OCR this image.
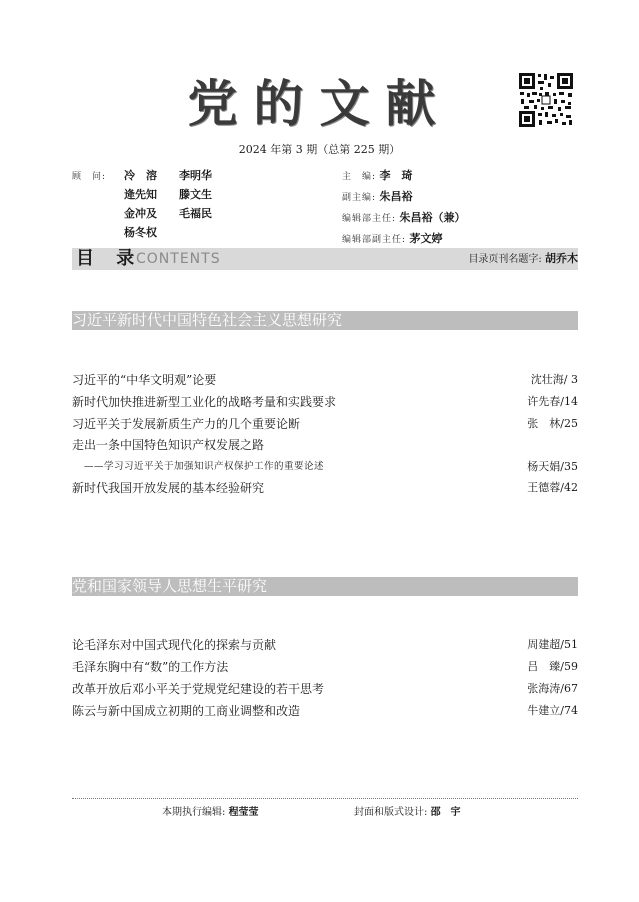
党的文献
2024 年第 3 期（总第 225 期）
顾　问: 冷　溶	李明华
逄先知	滕文生
金冲及	毛福民
杨冬权
主　编: 李　琦
副主编: 朱昌裕
编辑部主任: 朱昌裕（兼）
编辑部副主任: 茅文婷
目 录
CONTENTS	目录页刊名题字: 胡乔木
习近平新时代中国特色社会主义思想研究
习近平的“中华文明观”论要	沈壮海/ 3
新时代加快推进新型工业化的战略考量和实践要求	许先春/14
习近平关于发展新质生产力的几个重要论断	张　林/25
走出一条中国特色知识产权发展之路
——学习习近平关于加强知识产权保护工作的重要论述	杨天娟/35
新时代我国开放发展的基本经验研究	王德蓉/42
党和国家领导人思想生平研究
论毛泽东对中国式现代化的探索与贡献	周建超/51
毛泽东胸中有“数”的工作方法	吕　臻/59
改革开放后邓小平关于党规党纪建设的若干思考	张海涛/67
陈云与新中国成立初期的工商业调整和改造	牛建立/74
本期执行编辑: 程莹莹	封面和版式设计: 邵　宇
